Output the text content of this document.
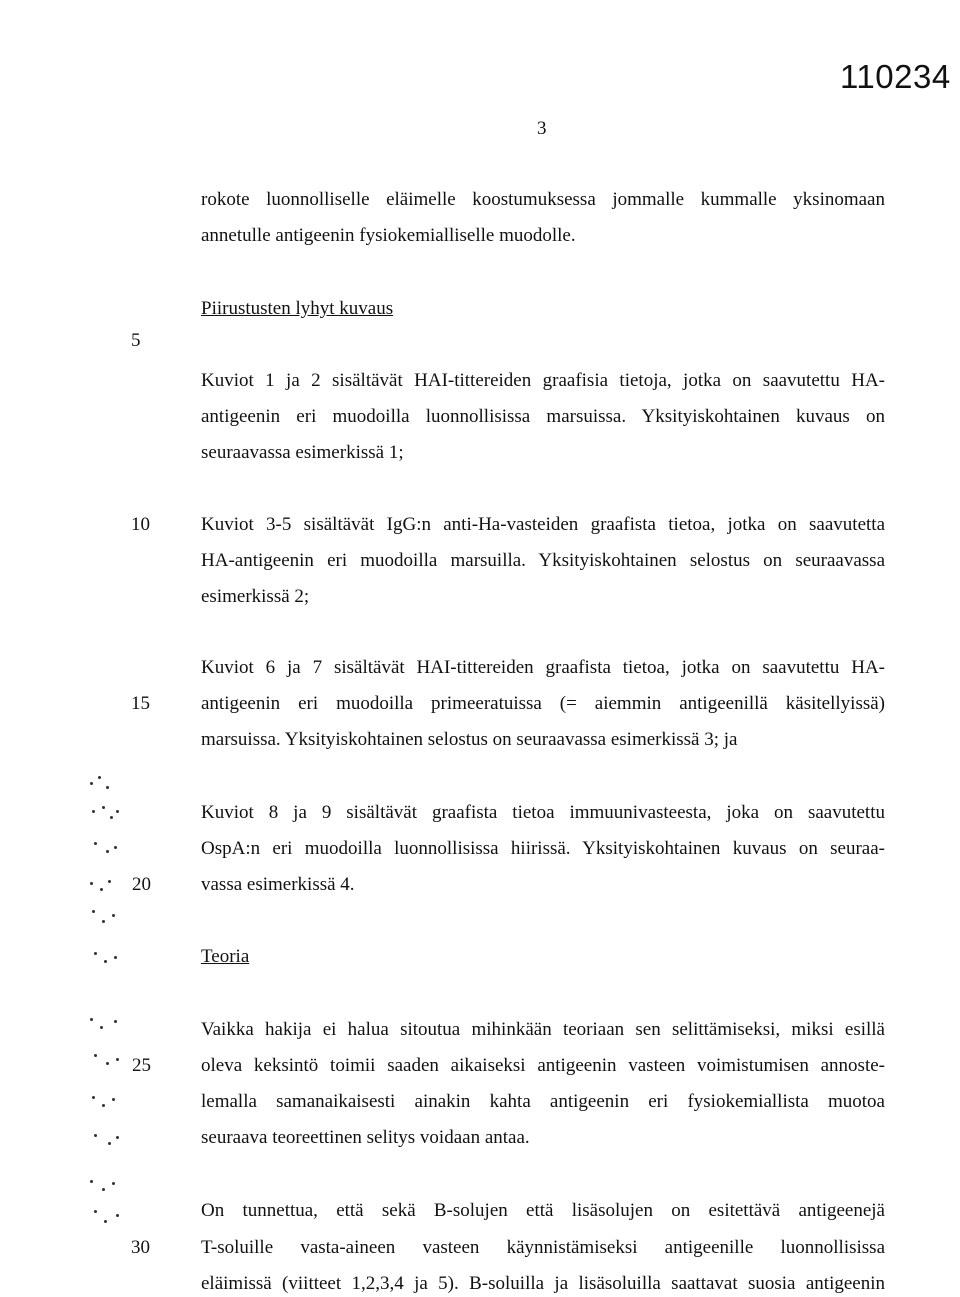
110234
3
5
10
15
20
25
30
rokote luonnolliselle eläimelle koostumuksessa jommalle kummalle yksinomaan
annetulle antigeenin fysiokemialliselle muodolle.
Piirustusten lyhyt kuvaus
Kuviot 1 ja 2 sisältävät HAI-tittereiden graafisia tietoja, jotka on saavutettu HA-
antigeenin eri muodoilla luonnollisissa marsuissa. Yksityiskohtainen kuvaus on
seuraavassa esimerkissä 1;
Kuviot 3-5 sisältävät IgG:n anti-Ha-vasteiden graafista tietoa, jotka on saavutetta
HA-antigeenin eri muodoilla marsuilla. Yksityiskohtainen selostus on seuraavassa
esimerkissä 2;
Kuviot 6 ja 7 sisältävät HAI-tittereiden graafista tietoa, jotka on saavutettu HA-
antigeenin eri muodoilla primeeratuissa (= aiemmin antigeenillä käsitellyissä)
marsuissa. Yksityiskohtainen selostus on seuraavassa esimerkissä 3; ja
Kuviot 8 ja 9 sisältävät graafista tietoa immuunivasteesta, joka on saavutettu
OspA:n eri muodoilla luonnollisissa hiirissä. Yksityiskohtainen kuvaus on seuraa-
vassa esimerkissä 4.
Teoria
Vaikka hakija ei halua sitoutua mihinkään teoriaan sen selittämiseksi, miksi esillä
oleva keksintö toimii saaden aikaiseksi antigeenin vasteen voimistumisen annoste-
lemalla samanaikaisesti ainakin kahta antigeenin eri fysiokemiallista muotoa
seuraava teoreettinen selitys voidaan antaa.
On tunnettua, että sekä B-solujen että lisäsolujen on esitettävä antigeenejä
T-soluille vasta-aineen vasteen käynnistämiseksi antigeenille luonnollisissa
eläimissä (viitteet 1,2,3,4 ja 5). B-soluilla ja lisäsoluilla saattavat suosia antigeenin
